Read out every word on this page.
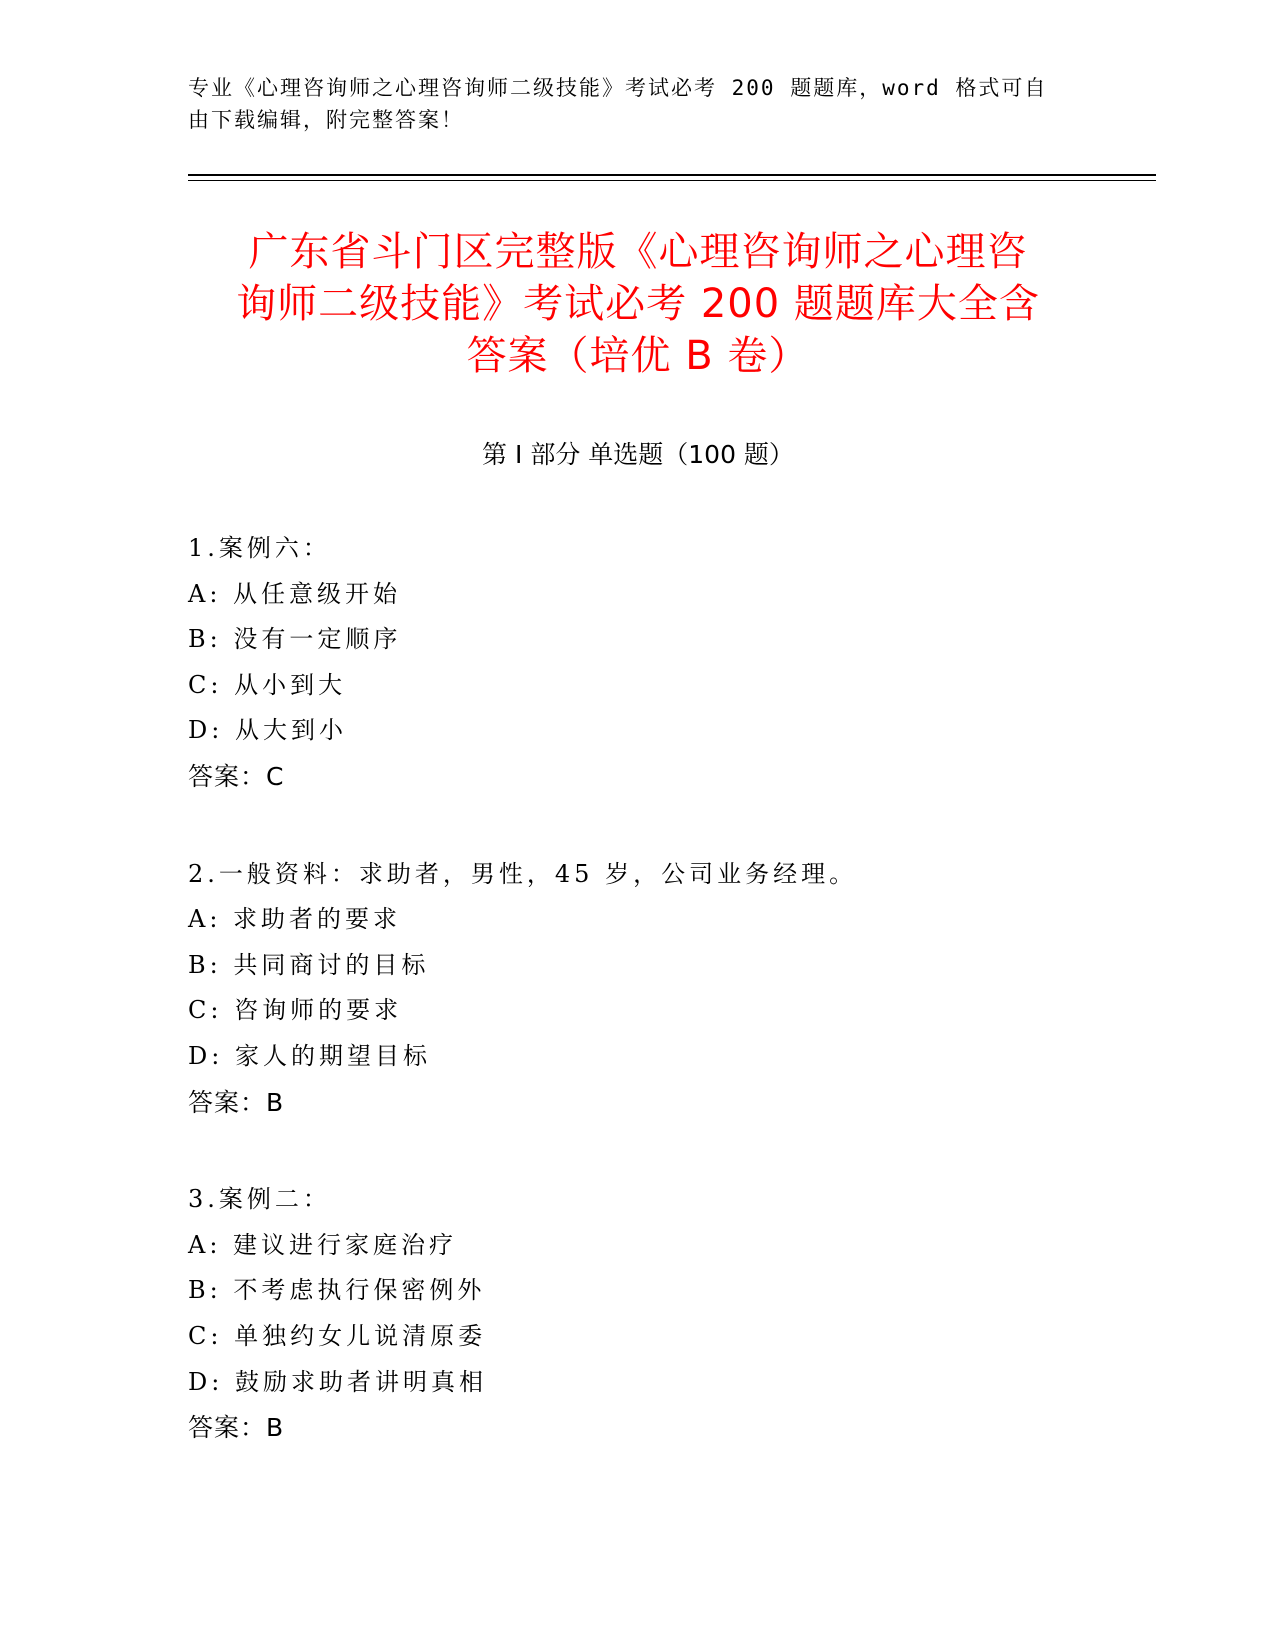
专业《心理咨询师之心理咨询师二级技能》考试必考 200 题题库，word 格式可自
由下载编辑，附完整答案！
广东省斗门区完整版《心理咨询师之心理咨
询师二级技能》考试必考 200 题题库大全含
答案（培优 B 卷）
第 I 部分 单选题（100 题）
1.案例六：
A: 从任意级开始
B: 没有一定顺序
C: 从小到大
D: 从大到小
答案：C
2.一般资料：求助者，男性，45 岁，公司业务经理。
A: 求助者的要求
B: 共同商讨的目标
C: 咨询师的要求
D: 家人的期望目标
答案：B
3.案例二：
A: 建议进行家庭治疗
B: 不考虑执行保密例外
C: 单独约女儿说清原委
D: 鼓励求助者讲明真相
答案：B
